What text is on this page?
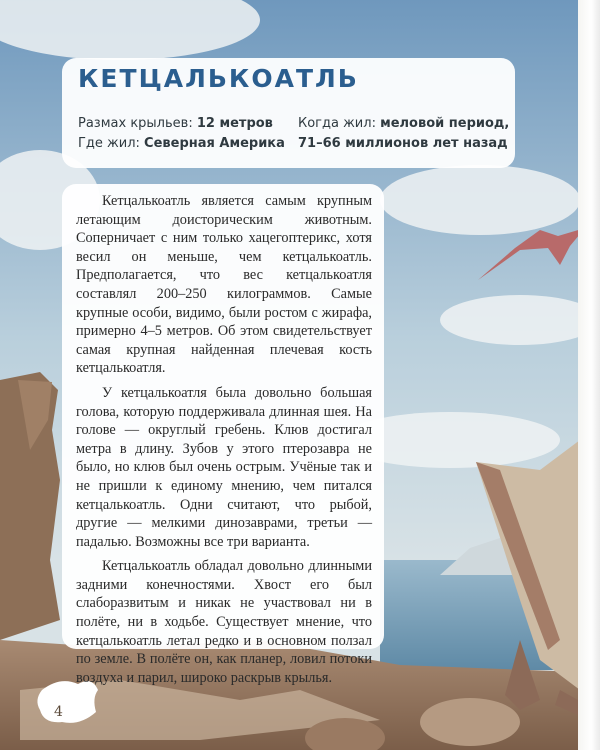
КЕТЦАЛЬКОАТЛЬ
Размах крыльев: 12 метров
Где жил: Северная Америка
Когда жил: меловой период,
71–66 миллионов лет назад

Кетцалькоатль является самым крупным летающим доисторическим животным. Соперничает с ним только хацегоптерикс, хотя весил он меньше, чем кетцалькоатль. Предполагается, что вес кетцалькоатля составлял 200–250 килограммов. Самые крупные особи, видимо, были ростом с жирафа, примерно 4–5 метров. Об этом свидетельствует самая крупная найденная плечевая кость кетцалькоатля.

У кетцалькоатля была довольно большая голова, которую поддерживала длинная шея. На голове — округлый гребень. Клюв достигал метра в длину. Зубов у этого птерозавра не было, но клюв был очень острым. Учёные так и не пришли к единому мнению, чем питался кетцалькоатль. Одни считают, что рыбой, другие — мелкими динозаврами, третьи — падалью. Возможны все три варианта.

Кетцалькоатль обладал довольно длинными задними конечностями. Хвост его был слаборазвитым и никак не участвовал ни в полёте, ни в ходьбе. Существует мнение, что кетцалькоатль летал редко и в основном ползал по земле. В полёте он, как планер, ловил потоки воздуха и парил, широко раскрыв крылья.

4
